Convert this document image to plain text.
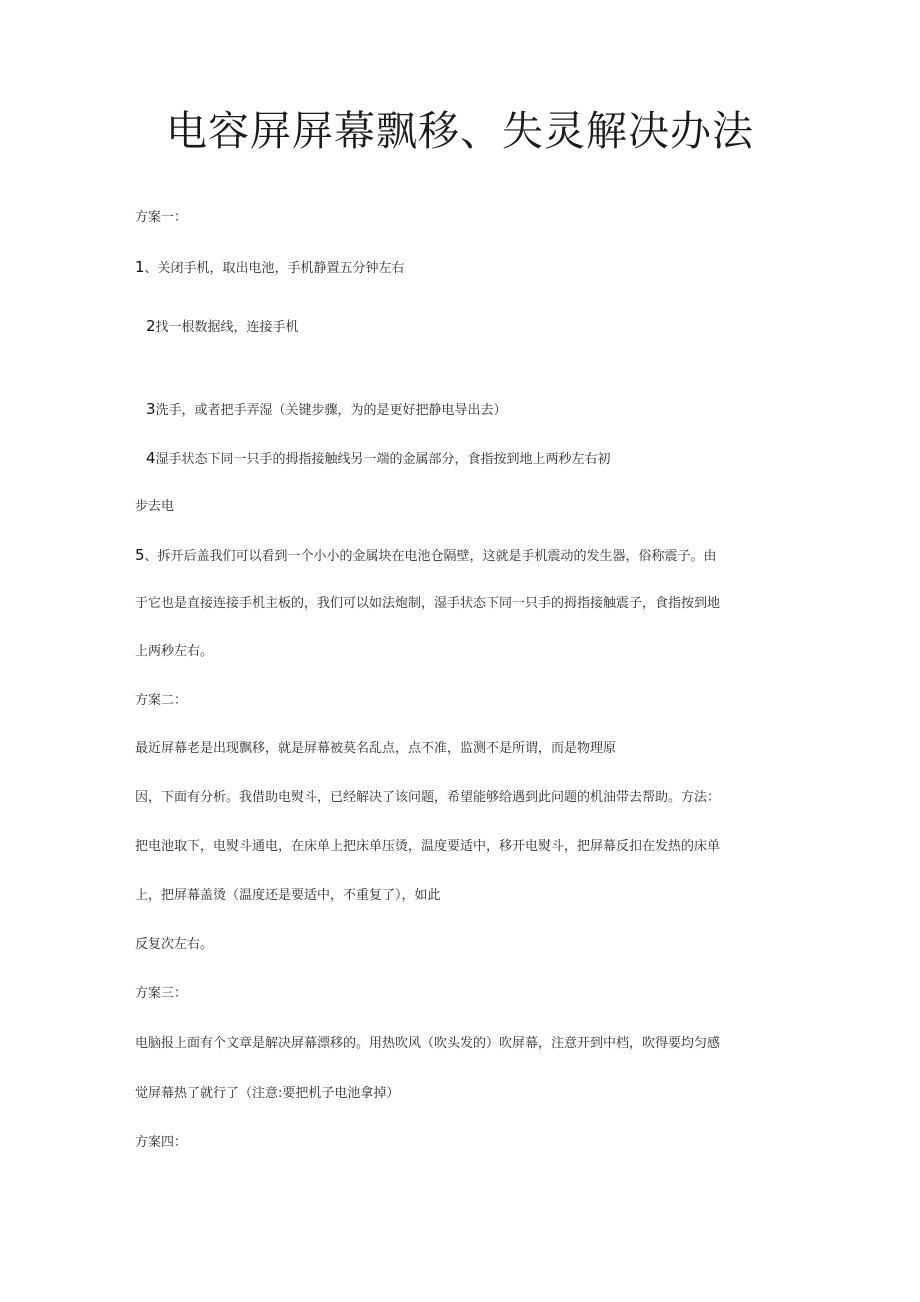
电容屏屏幕飘移、失灵解决办法
方案一：
1、关闭手机，取出电池，手机静置五分钟左右
2找一根数据线，连接手机
3洗手，或者把手弄湿（关键步骤，为的是更好把静电导出去）
4湿手状态下同一只手的拇指接触线另一端的金属部分，食指按到地上两秒左右初
步去电
5、拆开后盖我们可以看到一个小小的金属块在电池仓隔壁，这就是手机震动的发生器，俗称震子。由
于它也是直接连接手机主板的，我们可以如法炮制，湿手状态下同一只手的拇指接触震子，食指按到地
上两秒左右。
方案二：
最近屏幕老是出现飘移，就是屏幕被莫名乱点，点不准，监测不是所谓，而是物理原
因，下面有分析。我借助电熨斗，已经解决了该问题，希望能够给遇到此问题的机油带去帮助。方法：
把电池取下，电熨斗通电，在床单上把床单压烫，温度要适中，移开电熨斗，把屏幕反扣在发热的床单
上，把屏幕盖烫（温度还是要适中，不重复了），如此
反复次左右。
方案三：
电脑报上面有个文章是解决屏幕漂移的。用热吹风（吹头发的）吹屏幕，注意开到中档，吹得要均匀感
觉屏幕热了就行了（注意:要把机子电池拿掉）
方案四：
